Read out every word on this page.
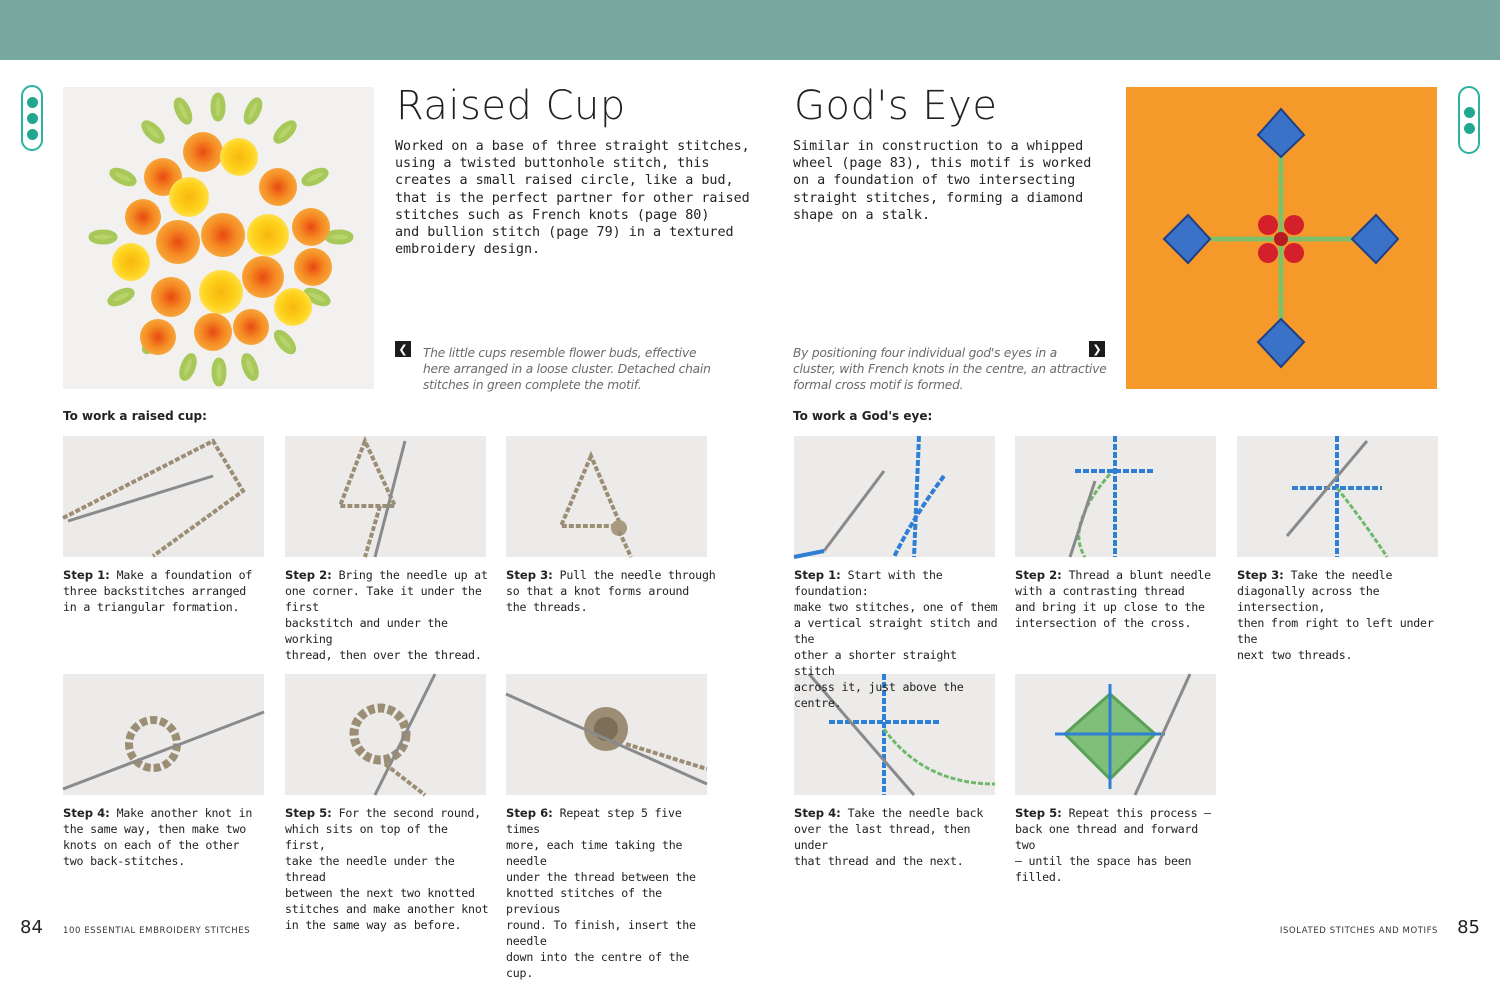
Raised Cup
Worked on a base of three straight stitches,
using a twisted buttonhole stitch, this
creates a small raised circle, like a bud,
that is the perfect partner for other raised
stitches such as French knots (page 80)
and bullion stitch (page 79) in a textured
embroidery design.
❮ The little cups resemble flower buds, effective
here arranged in a loose cluster. Detached chain
stitches in green complete the motif.
God's Eye
Similar in construction to a whipped
wheel (page 83), this motif is worked
on a foundation of two intersecting
straight stitches, forming a diamond
shape on a stalk.
By positioning four individual god's eyes in a
cluster, with French knots in the centre, an attractive
formal cross motif is formed.
❯
To work a raised cup:	To work a God's eye:
Step 1: Make a foundation of
three backstitches arranged
in a triangular formation.
Step 2: Bring the needle up at
one corner. Take it under the first
backstitch and under the working
thread, then over the thread.
Step 3: Pull the needle through
so that a knot forms around
the threads.
Step 4: Make another knot in
the same way, then make two
knots on each of the other
two back-stitches.
Step 5: For the second round,
which sits on top of the first,
take the needle under the thread
between the next two knotted
stitches and make another knot
in the same way as before.
Step 6: Repeat step 5 five times
more, each time taking the needle
under the thread between the
knotted stitches of the previous
round. To finish, insert the needle
down into the centre of the cup.
Step 1: Start with the foundation:
make two stitches, one of them
a vertical straight stitch and the
other a shorter straight stitch
across it, just above the centre.
Step 2: Thread a blunt needle
with a contrasting thread
and bring it up close to the
intersection of the cross.
Step 3: Take the needle
diagonally across the intersection,
then from right to left under the
next two threads.
Step 4: Take the needle back
over the last thread, then under
that thread and the next.
Step 5: Repeat this process –
back one thread and forward two
– until the space has been filled.
84 100 ESSENTIAL EMBROIDERY STITCHES	ISOLATED STITCHES AND MOTIFS 85
